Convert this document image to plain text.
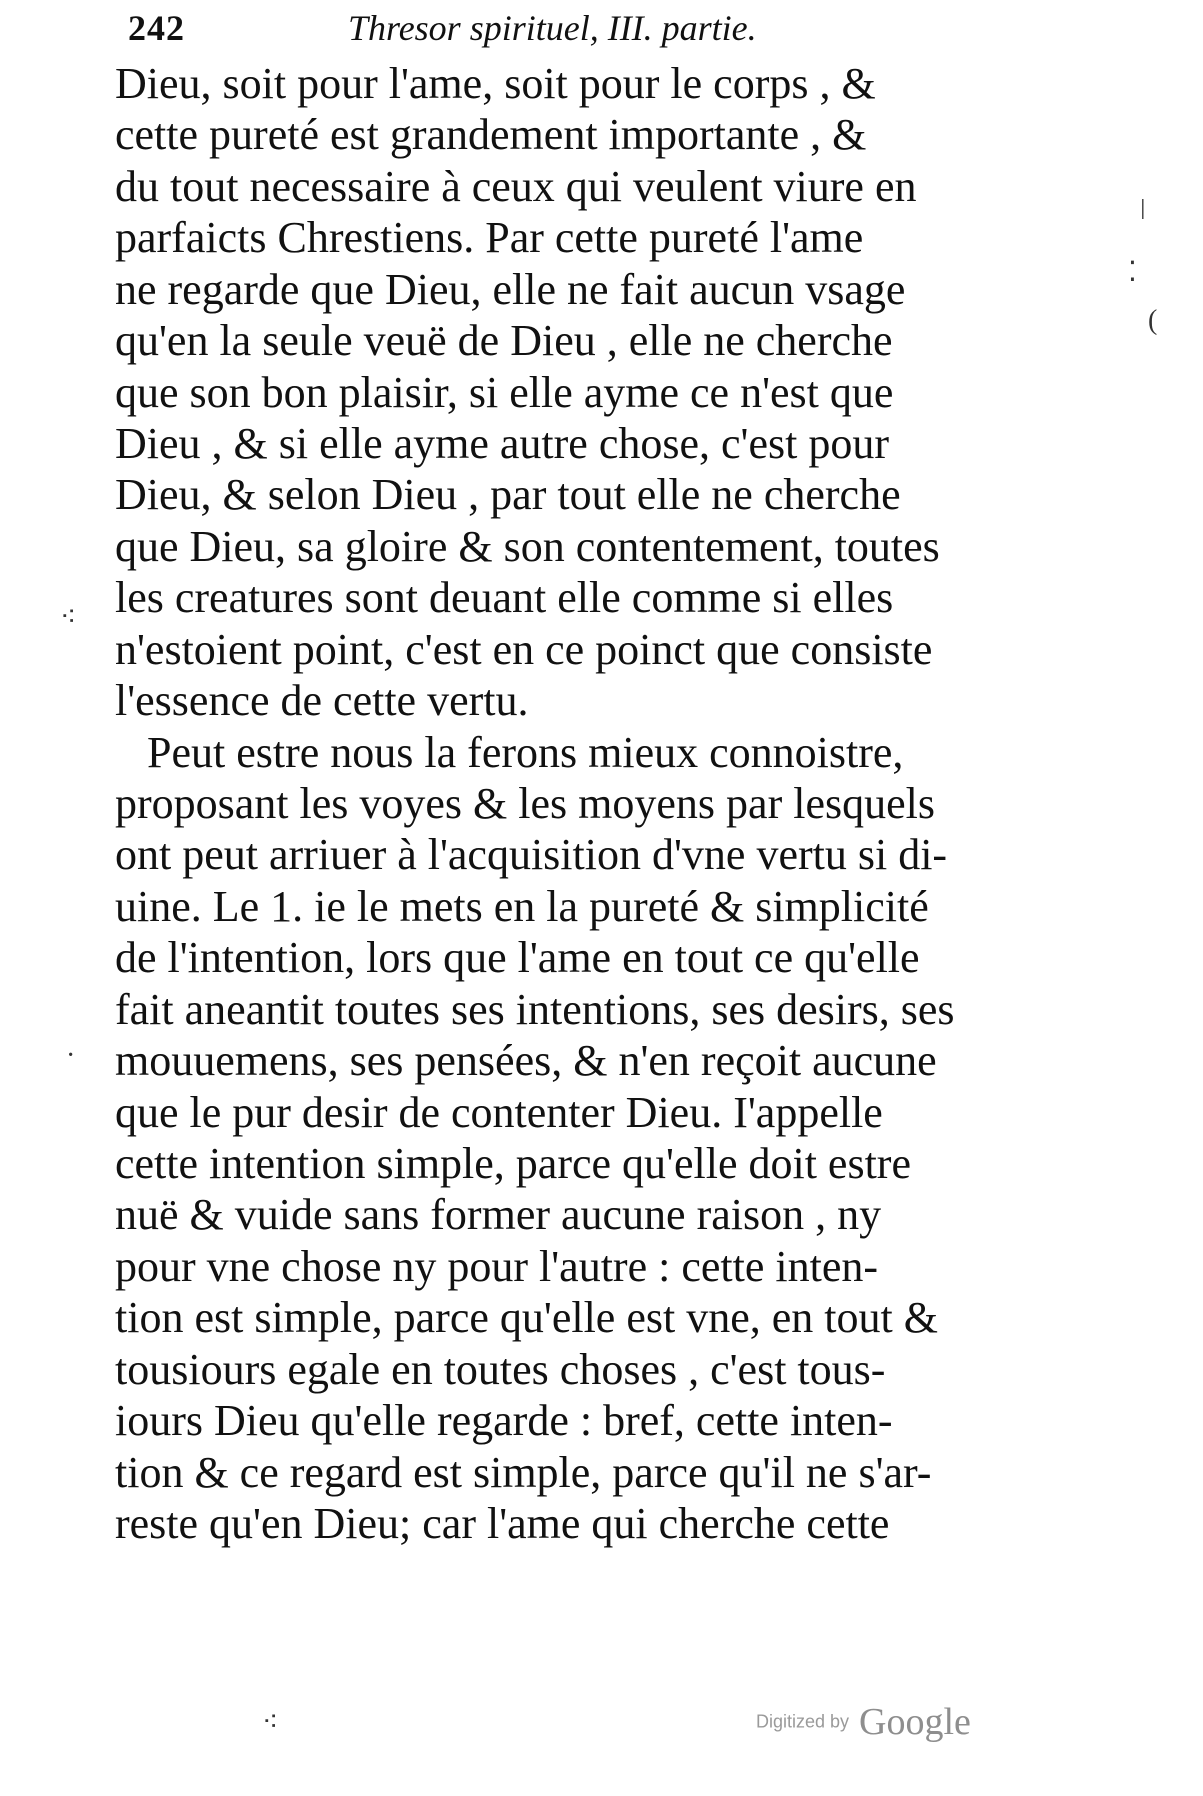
242	Thresor spirituel, III. partie.
Dieu, soit pour l'ame, soit pour le corps , &
cette pureté est grandement importante , &
du tout necessaire à ceux qui veulent viure en
parfaicts Chrestiens. Par cette pureté l'ame
ne regarde que Dieu, elle ne fait aucun vsage
qu'en la seule veuë de Dieu , elle ne cherche
que son bon plaisir, si elle ayme ce n'est que
Dieu , & si elle ayme autre chose, c'est pour
Dieu, & selon Dieu , par tout elle ne cherche
que Dieu, sa gloire & son contentement, toutes
les creatures sont deuant elle comme si elles
n'estoient point, c'est en ce poinct que consiste
l'essence de cette vertu.
Peut estre nous la ferons mieux connoistre,
proposant les voyes & les moyens par lesquels
ont peut arriuer à l'acquisition d'vne vertu si di-
uine. Le 1. ie le mets en la pureté & simplicité
de l'intention, lors que l'ame en tout ce qu'elle
fait aneantit toutes ses intentions, ses desirs, ses
mouuemens, ses pensées, & n'en reçoit aucune
que le pur desir de contenter Dieu. I'appelle
cette intention simple, parce qu'elle doit estre
nuë & vuide sans former aucune raison , ny
pour vne chose ny pour l'autre : cette inten-
tion est simple, parce qu'elle est vne, en tout &
tousiours egale en toutes choses , c'est tous-
iours Dieu qu'elle regarde : bref, cette inten-
tion & ce regard est simple, parce qu'il ne s'ar-
reste qu'en Dieu; car l'ame qui cherche cette
ǀ
⁚
(
⁖
·
⁖	Digitized by Google
